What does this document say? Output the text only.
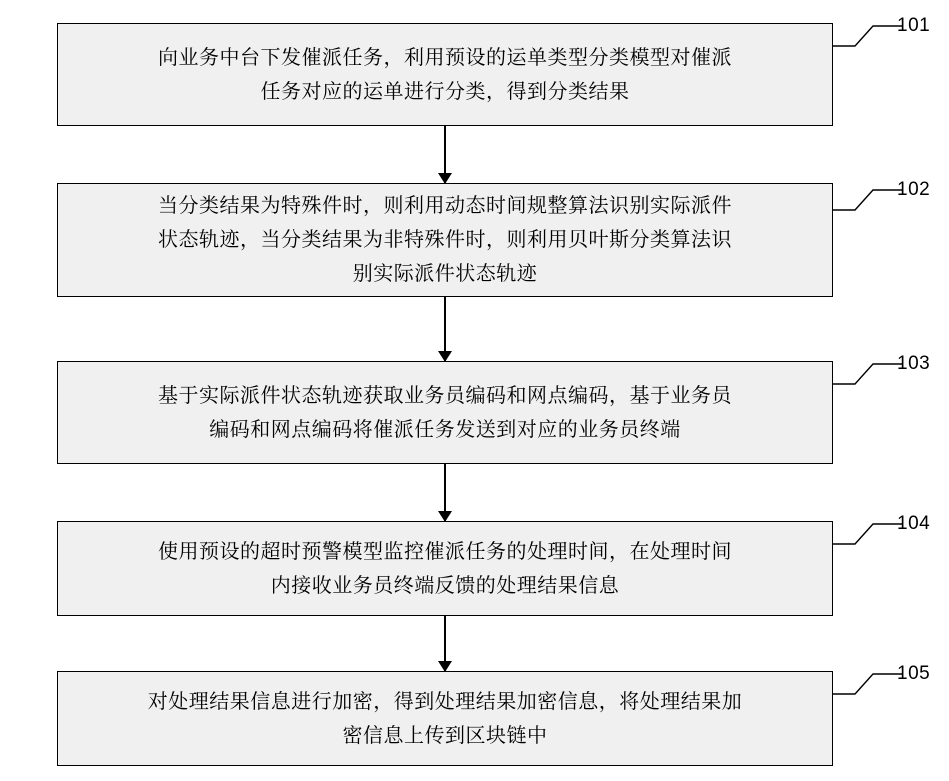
向业务中台下发催派任务，利用预设的运单类型分类模型对催派
任务对应的运单进行分类，得到分类结果
101
当分类结果为特殊件时，则利用动态时间规整算法识别实际派件
状态轨迹，当分类结果为非特殊件时，则利用贝叶斯分类算法识
别实际派件状态轨迹
102
基于实际派件状态轨迹获取业务员编码和网点编码，基于业务员
编码和网点编码将催派任务发送到对应的业务员终端
103
使用预设的超时预警模型监控催派任务的处理时间，在处理时间
内接收业务员终端反馈的处理结果信息
104
对处理结果信息进行加密，得到处理结果加密信息，将处理结果加
密信息上传到区块链中
105
